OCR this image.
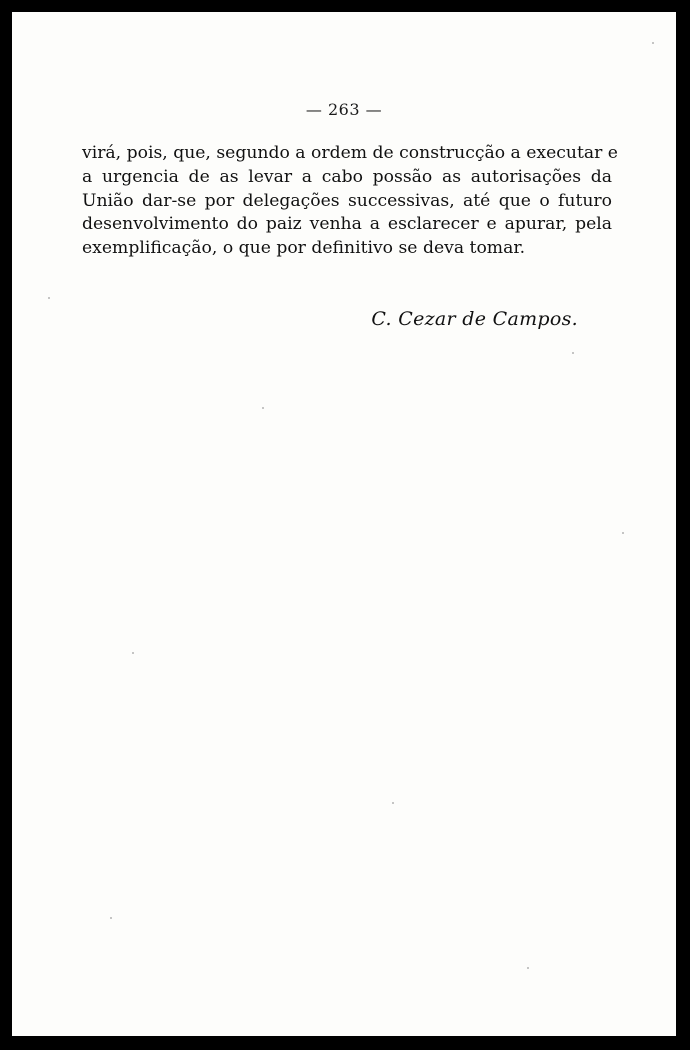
— 263 —
virá, pois, que, segundo a ordem de construcção a executar e
a urgencia de as levar a cabo possão as autorisações da
União dar-se por delegações successivas, até que o futuro
desenvolvimento do paiz venha a esclarecer e apurar, pela
exemplificação, o que por definitivo se deva tomar.
C. Cezar de Campos.
